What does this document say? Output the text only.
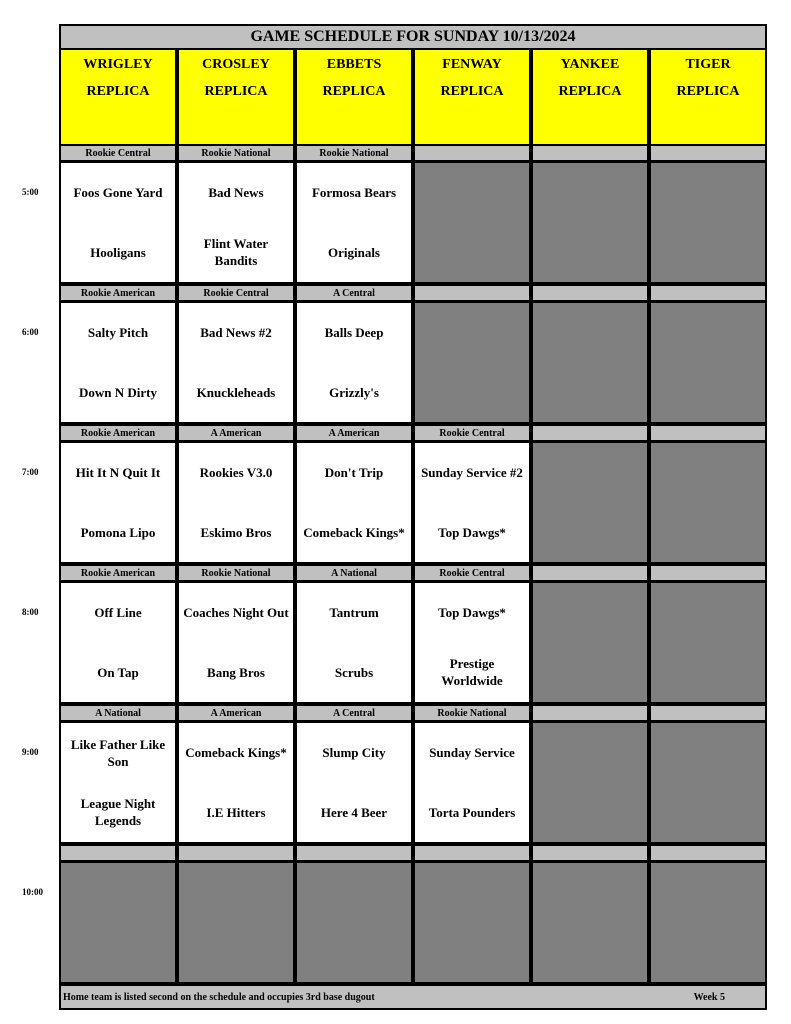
GAME SCHEDULE FOR SUNDAY 10/13/2024
Home team is listed second on the schedule and occupies 3rd base dugout	Week 5
WRIGLEY
REPLICA
CROSLEY
REPLICA
EBBETS
REPLICA
FENWAY
REPLICA
YANKEE
REPLICA
TIGER
REPLICA
5:00
Rookie Central
Foos Gone Yard
Hooligans
Rookie National
Bad News
Flint Water Bandits
Rookie National
Formosa Bears
Originals
6:00
Rookie American
Salty Pitch
Down N Dirty
Rookie Central
Bad News #2
Knuckleheads
A Central
Balls Deep
Grizzly's
7:00
Rookie American
Hit It N Quit It
Pomona Lipo
A American
Rookies V3.0
Eskimo Bros
A American
Don't Trip
Comeback Kings*
Rookie Central
Sunday Service #2
Top Dawgs*
8:00
Rookie American
Off Line
On Tap
Rookie National
Coaches Night Out
Bang Bros
A National
Tantrum
Scrubs
Rookie Central
Top Dawgs*
Prestige Worldwide
9:00
A National
Like Father Like Son
League Night Legends
A American
Comeback Kings*
I.E Hitters
A Central
Slump City
Here 4 Beer
Rookie National
Sunday Service
Torta Pounders
10:00
